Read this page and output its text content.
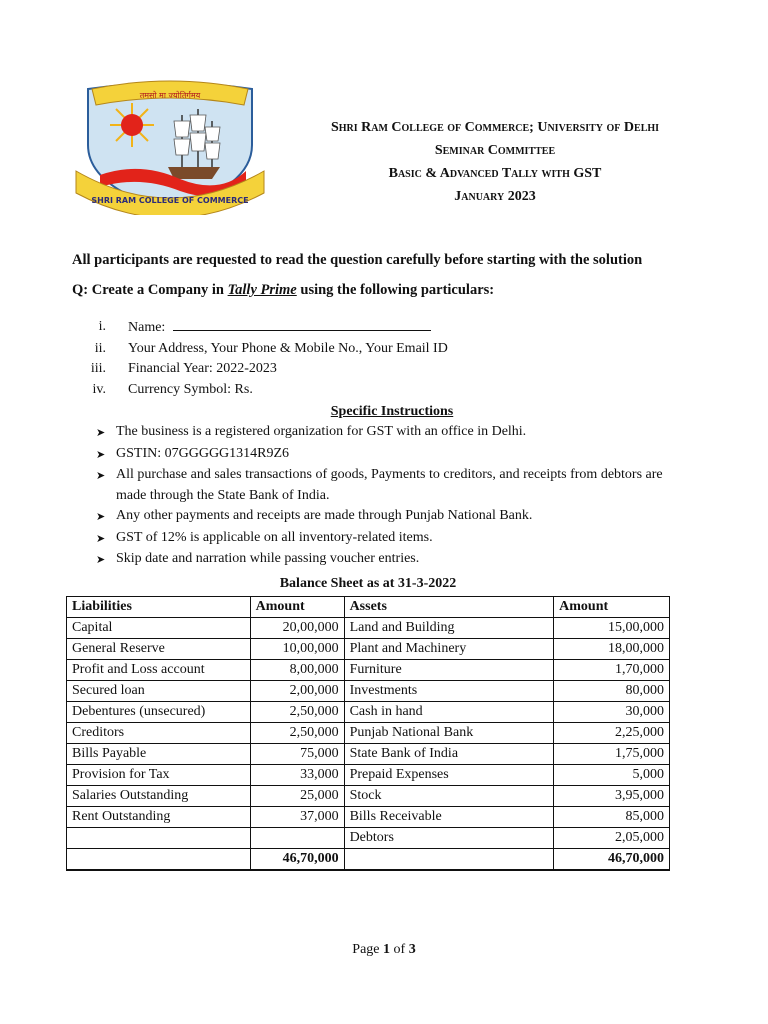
तमसो मा ज्योतिर्गमय
SHRI RAM COLLEGE OF COMMERCE
Shri Ram College of Commerce; University of Delhi
Seminar Committee
Basic & Advanced Tally with GST
January 2023
All participants are requested to read the question carefully before starting with the solution
Q: Create a Company in Tally Prime using the following particulars:
i. Name:
ii. Your Address, Your Phone & Mobile No., Your Email ID
iii. Financial Year: 2022-2023
iv. Currency Symbol: Rs.
Specific Instructions
➤ The business is a registered organization for GST with an office in Delhi.
➤ GSTIN: 07GGGGG1314R9Z6
➤ All purchase and sales transactions of goods, Payments to creditors, and receipts from debtors are made through the State Bank of India.
➤ Any other payments and receipts are made through Punjab National Bank.
➤ GST of 12% is applicable on all inventory-related items.
➤ Skip date and narration while passing voucher entries.
Balance Sheet as at 31-3-2022
Liabilities	Amount	Assets	Amount
Capital	20,00,000	Land and Building	15,00,000
General Reserve	10,00,000	Plant and Machinery	18,00,000
Profit and Loss account	8,00,000	Furniture	1,70,000
Secured loan	2,00,000	Investments	80,000
Debentures (unsecured)	2,50,000	Cash in hand	30,000
Creditors	2,50,000	Punjab National Bank	2,25,000
Bills Payable	75,000	State Bank of India	1,75,000
Provision for Tax	33,000	Prepaid Expenses	5,000
Salaries Outstanding	25,000	Stock	3,95,000
Rent Outstanding	37,000	Bills Receivable	85,000
		Debtors	2,05,000
	46,70,000		46,70,000
Page 1 of 3
